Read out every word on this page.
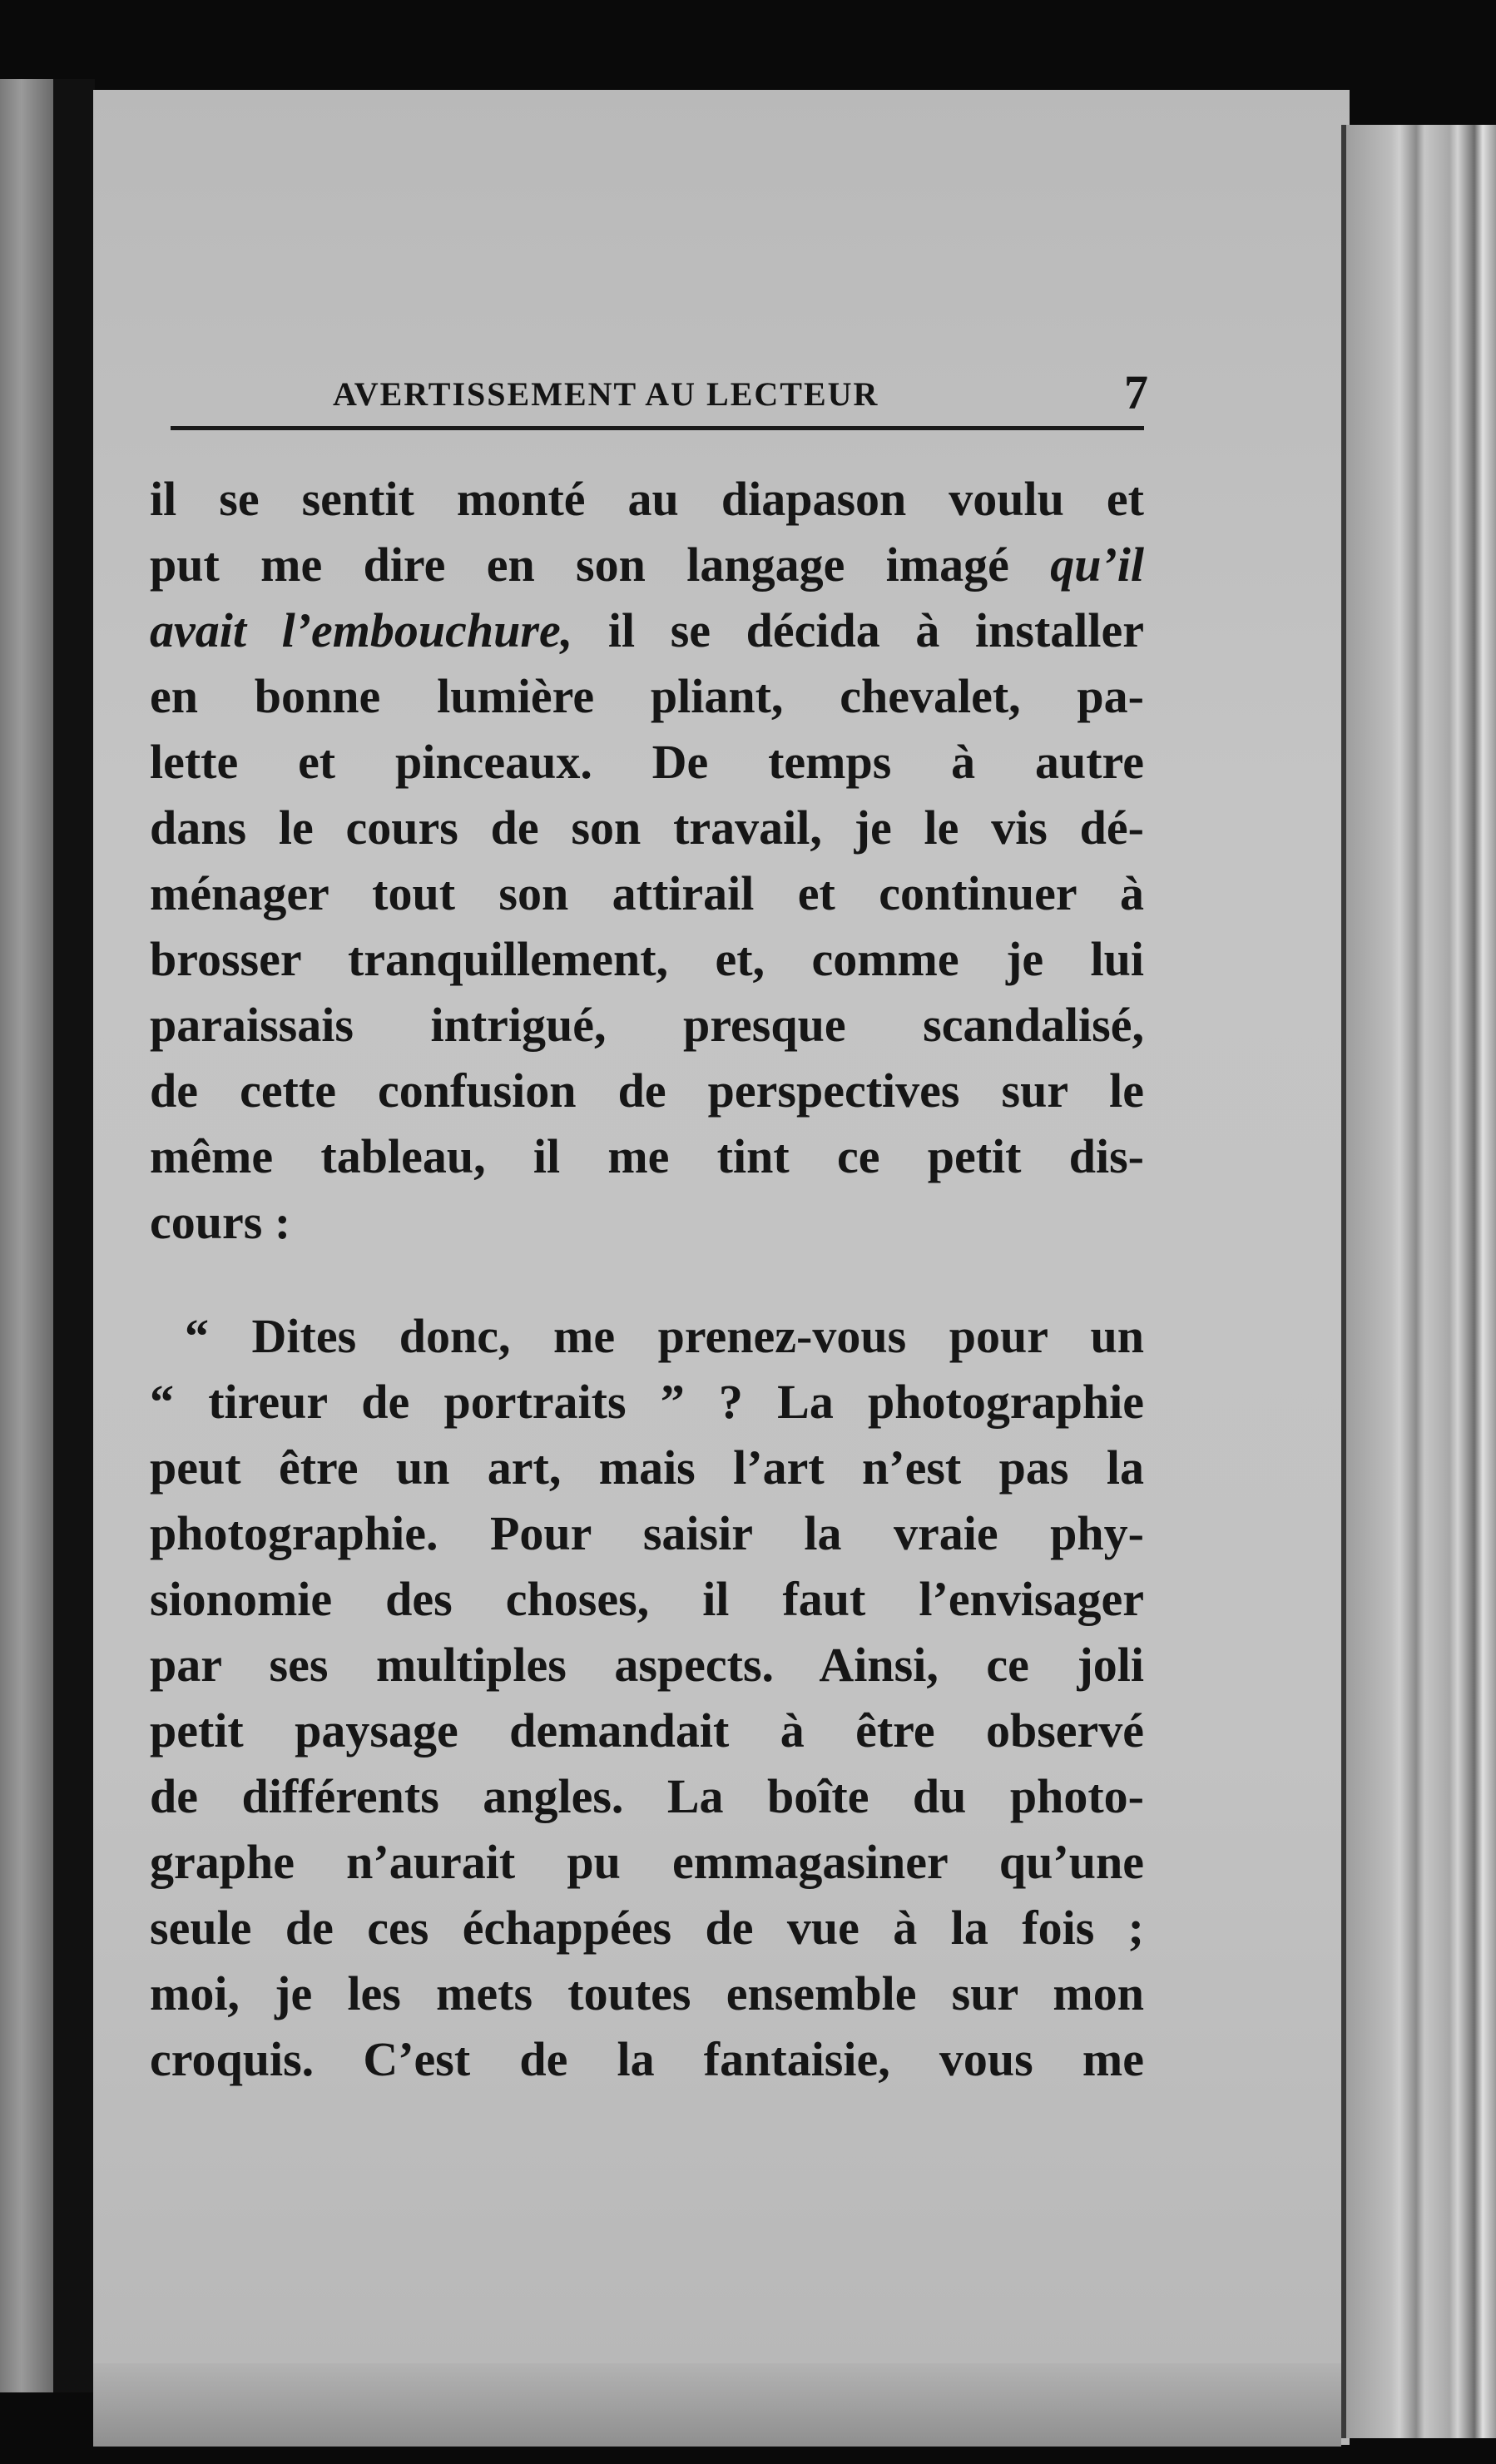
AVERTISSEMENT AU LECTEUR	7
il se sentit monté au diapason voulu et
put me dire en son langage imagé qu’il
avait l’embouchure, il se décida à installer
en bonne lumière pliant, chevalet, pa-
lette et pinceaux. De temps à autre
dans le cours de son travail, je le vis dé-
ménager tout son attirail et continuer à
brosser tranquillement, et, comme je lui
paraissais intrigué, presque scandalisé,
de cette confusion de perspectives sur le
même tableau, il me tint ce petit dis-
cours :
“ Dites donc, me prenez-vous pour un
“ tireur de portraits ” ? La photographie
peut être un art, mais l’art n’est pas la
photographie. Pour saisir la vraie phy-
sionomie des choses, il faut l’envisager
par ses multiples aspects. Ainsi, ce joli
petit paysage demandait à être observé
de différents angles. La boîte du photo-
graphe n’aurait pu emmagasiner qu’une
seule de ces échappées de vue à la fois ;
moi, je les mets toutes ensemble sur mon
croquis. C’est de la fantaisie, vous me
